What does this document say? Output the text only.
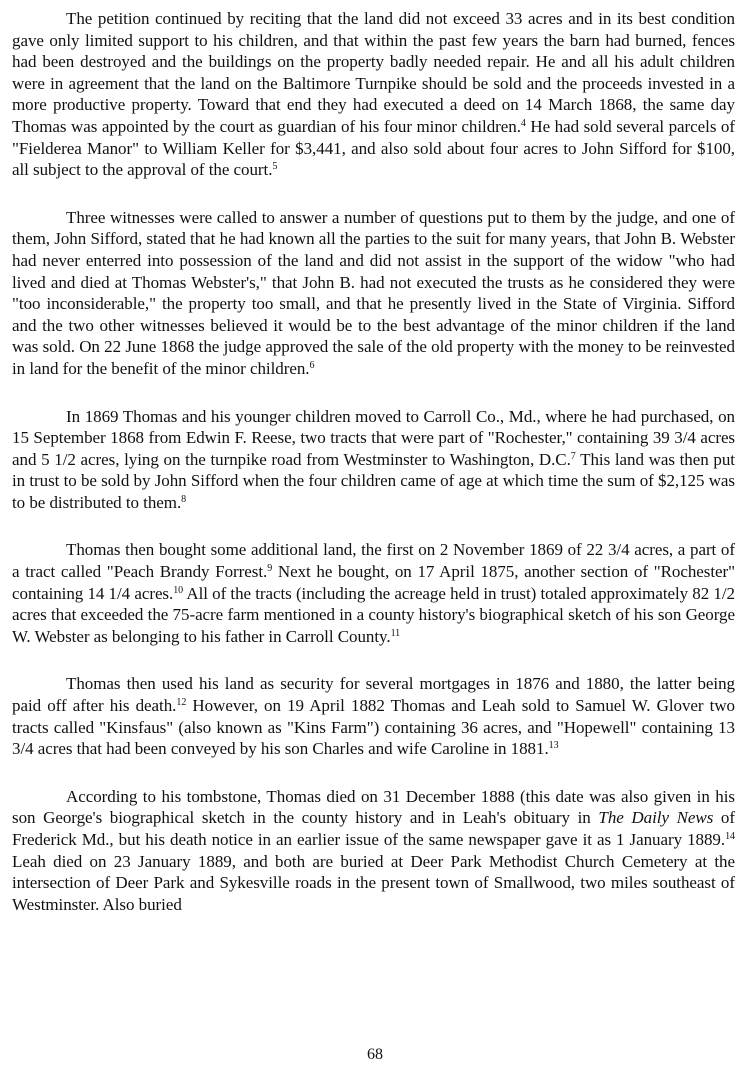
The petition continued by reciting that the land did not exceed 33 acres and in its best condition gave only limited support to his children, and that within the past few years the barn had burned, fences had been destroyed and the buildings on the property badly needed repair. He and all his adult children were in agreement that the land on the Baltimore Turnpike should be sold and the proceeds invested in a more productive property. Toward that end they had executed a deed on 14 March 1868, the same day Thomas was appointed by the court as guardian of his four minor children.$^4$ He had sold several parcels of "Fielderea Manor" to William Keller for $3,441, and also sold about four acres to John Sifford for $100, all subject to the approval of the court.$^5$

Three witnesses were called to answer a number of questions put to them by the judge, and one of them, John Sifford, stated that he had known all the parties to the suit for many years, that John B. Webster had never enterred into possession of the land and did not assist in the support of the widow "who had lived and died at Thomas Webster's," that John B. had not executed the trusts as he considered they were "too inconsiderable," the property too small, and that he presently lived in the State of Virginia. Sifford and the two other witnesses believed it would be to the best advantage of the minor children if the land was sold. On 22 June 1868 the judge approved the sale of the old property with the money to be reinvested in land for the benefit of the minor children.$^6$

In 1869 Thomas and his younger children moved to Carroll Co., Md., where he had purchased, on 15 September 1868 from Edwin F. Reese, two tracts that were part of "Rochester," containing 39 3/4 acres and 5 1/2 acres, lying on the turnpike road from Westminster to Washington, D.C.$^7$ This land was then put in trust to be sold by John Sifford when the four children came of age at which time the sum of $2,125 was to be distributed to them.$^8$

Thomas then bought some additional land, the first on 2 November 1869 of 22 3/4 acres, a part of a tract called "Peach Brandy Forrest.$^9$ Next he bought, on 17 April 1875, another section of "Rochester" containing 14 1/4 acres.$^{10}$ All of the tracts (including the acreage held in trust) totaled approximately 82 1/2 acres that exceeded the 75-acre farm mentioned in a county history's biographical sketch of his son George W. Webster as belonging to his father in Carroll County.$^{11}$

Thomas then used his land as security for several mortgages in 1876 and 1880, the latter being paid off after his death.$^{12}$ However, on 19 April 1882 Thomas and Leah sold to Samuel W. Glover two tracts called "Kinsfaus" (also known as "Kins Farm") containing 36 acres, and "Hopewell" containing 13 3/4 acres that had been conveyed by his son Charles and wife Caroline in 1881.13

According to his tombstone, Thomas died on 31 December 1888 (this date was also given in his son George's biographical sketch in the county history and in Leah's obituary in The Daily News of Frederick Md., but his death notice in an earlier issue of the same newspaper gave it as 1 January 1889.14 Leah died on 23 January 1889, and both are buried at Deer Park Methodist Church Cemetery at the intersection of Deer Park and Sykesville roads in the present town of Smallwood, two miles southeast of Westminster. Also buried

68
